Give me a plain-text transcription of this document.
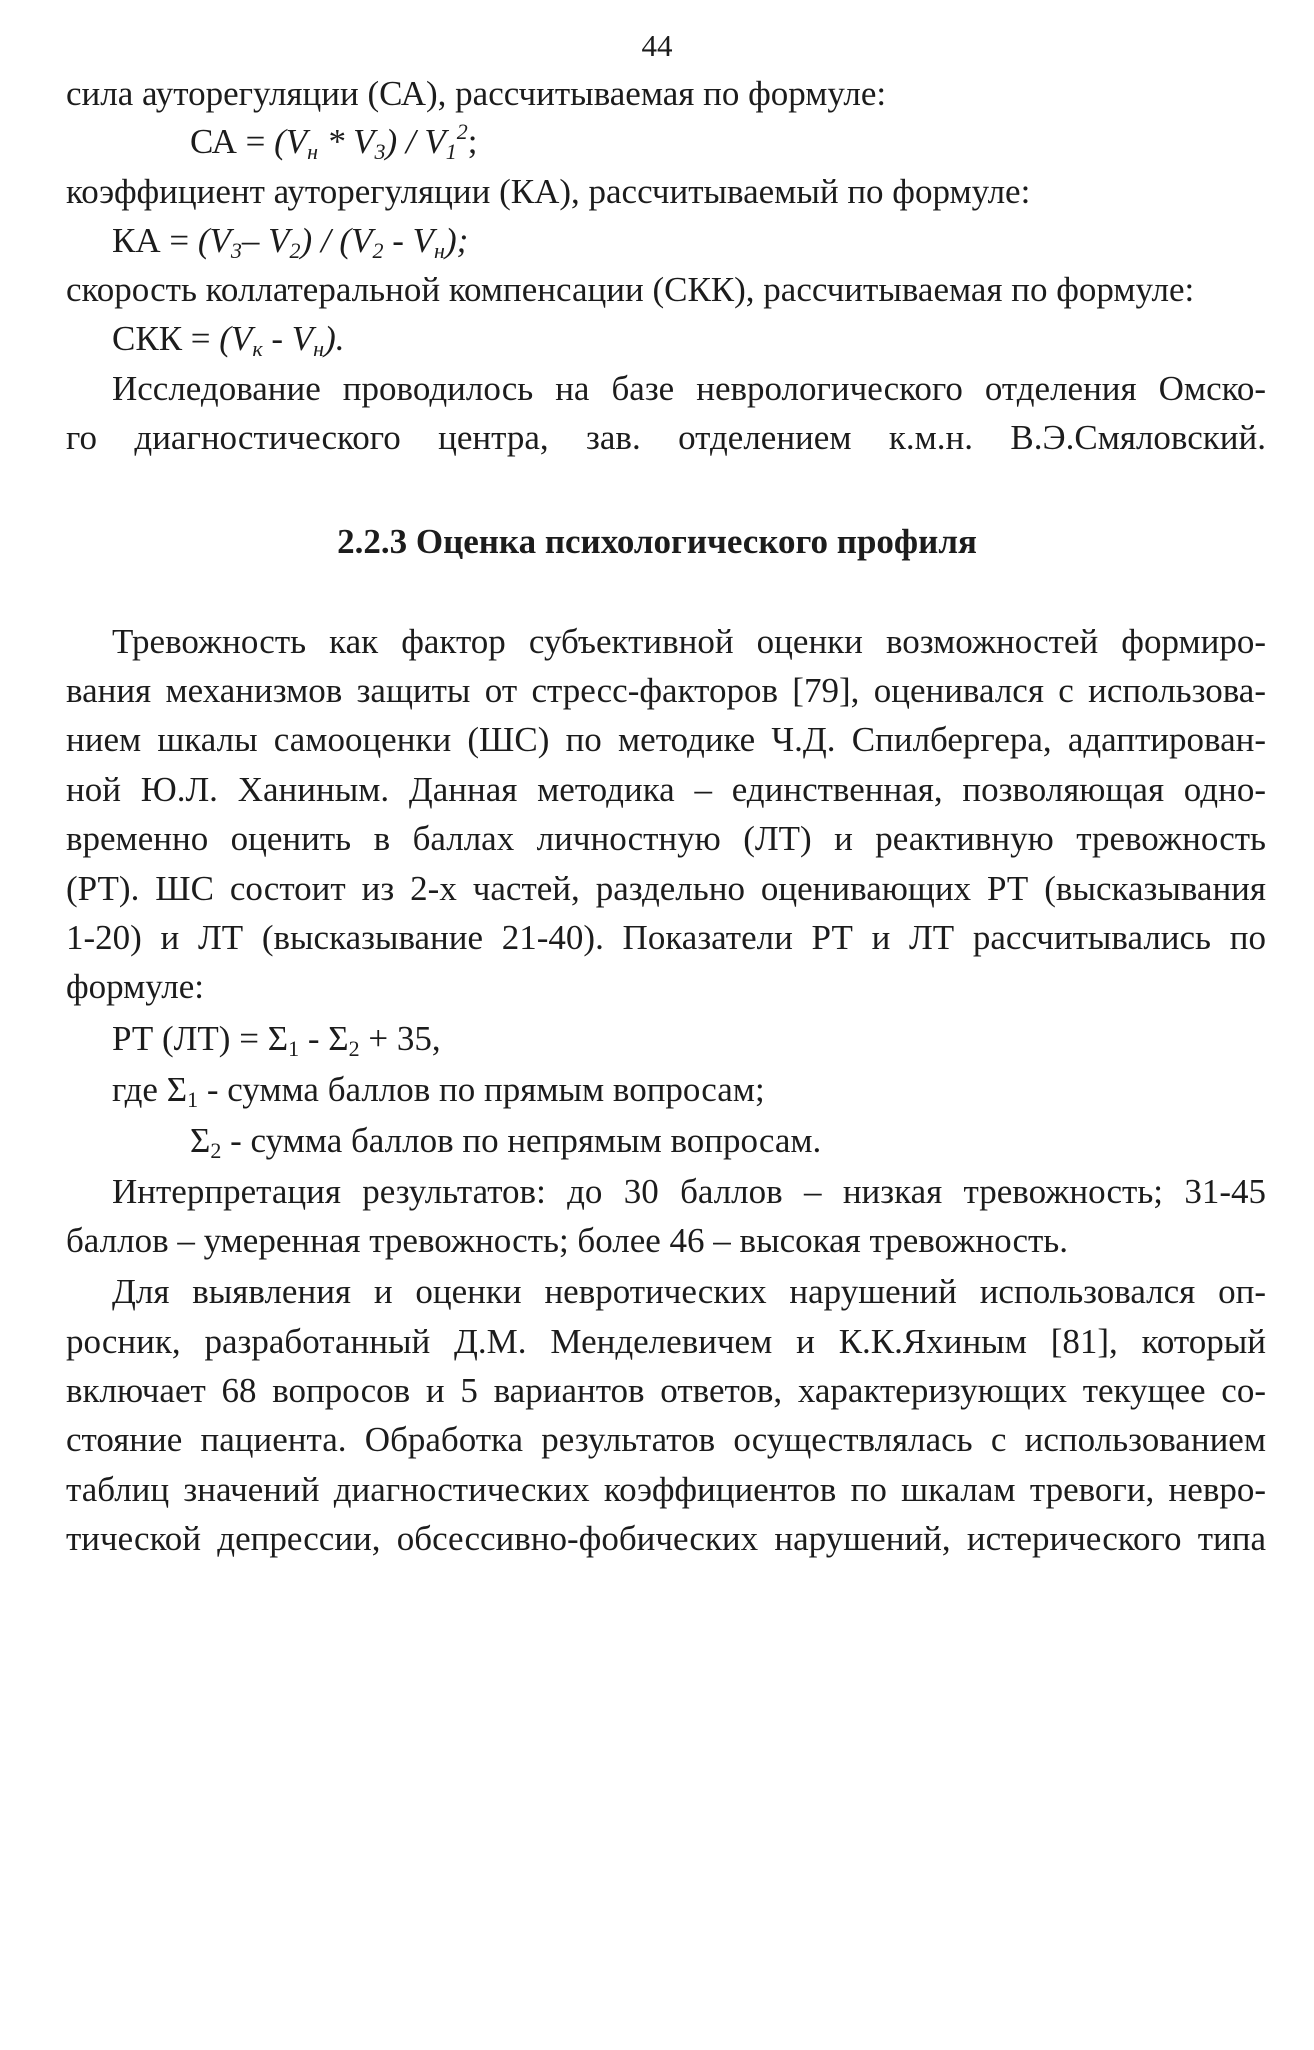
44
сила ауторегуляции (СА), рассчитываемая по формуле:
СА = $(V_н * V_3) / V_1^2$;
коэффициент ауторегуляции (КА), рассчитываемый по формуле:
КА = ($V_3-$ $V_2) / (V_2 - V_н)$;
скорость коллатеральной компенсации (СКК), рассчитываемая по формуле:
СКК = $(V_к - V_н)$.
Исследование проводилось на базе неврологического отделения Омско-
го диагностического центра, зав. отделением к.м.н. В.Э.Смяловский.
2.2.3 Оценка психологического профиля
Тревожность как фактор субъективной оценки возможностей формиро-
вания механизмов защиты от стресс-факторов [79], оценивался с использова-
нием шкалы самооценки (ШС) по методике Ч.Д. Спилбергера, адаптирован-
ной Ю.Л. Ханиным. Данная методика – единственная, позволяющая одно-
временно оценить в баллах личностную (ЛТ) и реактивную тревожность
(РТ). ШС состоит из 2-х частей, раздельно оценивающих РТ (высказывания
1-20) и ЛТ (высказывание 21-40). Показатели РТ и ЛТ рассчитывались по
формуле:
РТ $(ЛТ) = \Sigma_1 - \Sigma_2 + 35$,
где $\Sigma_1$ - сумма баллов по прямым вопросам;
$\Sigma_2$ - сумма баллов по непрямым вопросам.
Интерпретация результатов: до 30 баллов – низкая тревожность; 31-45
баллов – умеренная тревожность; более 46 – высокая тревожность.
Для выявления и оценки невротических нарушений использовался оп-
росник, разработанный Д.М. Менделевичем и К.К.Яхиным [81], который
включает 68 вопросов и 5 вариантов ответов, характеризующих текущее со-
стояние пациента. Обработка результатов осуществлялась с использованием
таблиц значений диагностических коэффициентов по шкалам тревоги, невро-
тической депрессии, обсессивно-фобических нарушений, истерического типа
